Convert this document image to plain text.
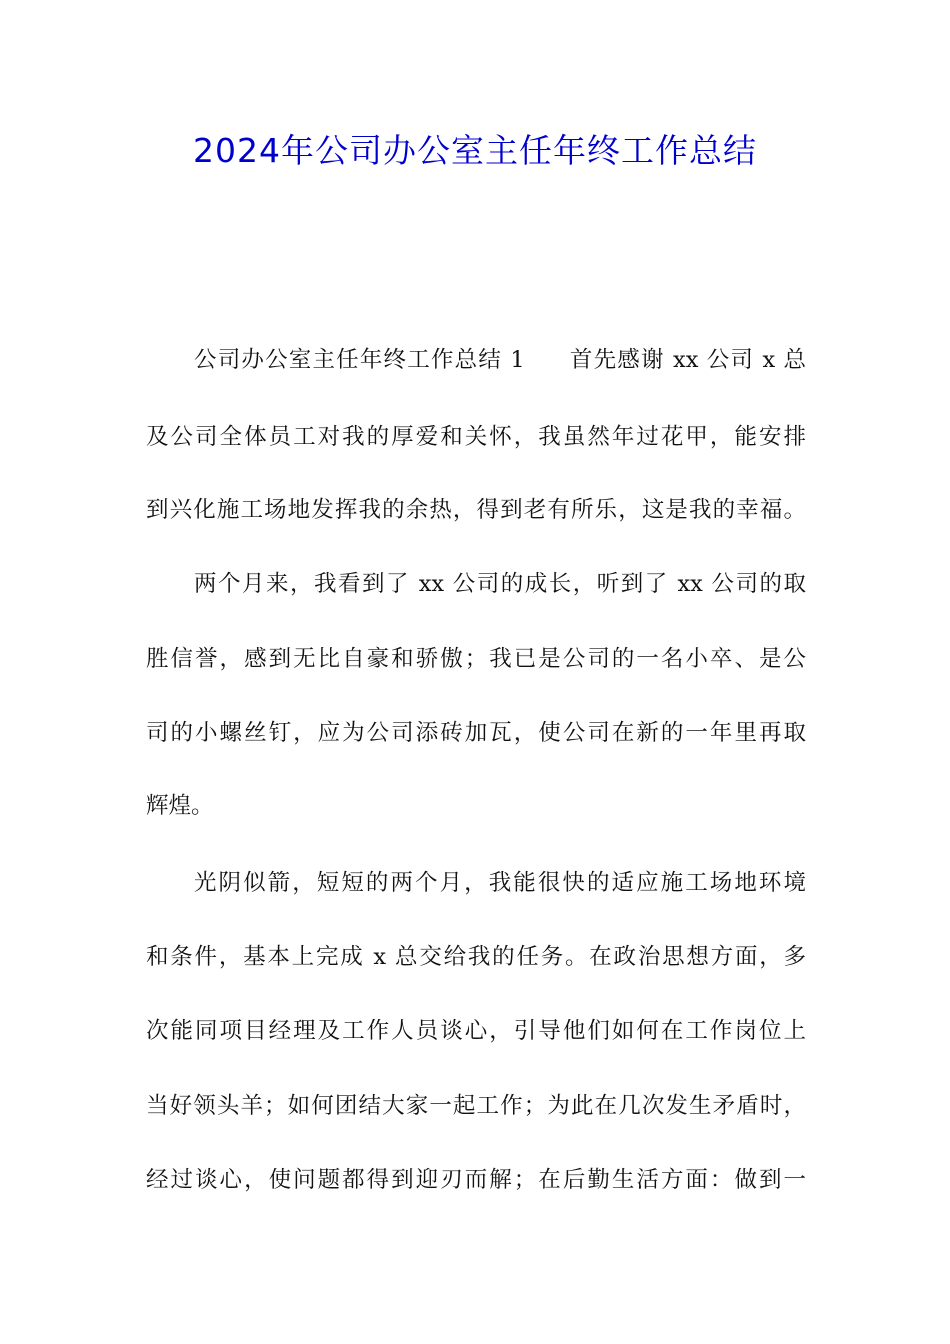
2024年公司办公室主任年终工作总结
公司办公室主任年终工作总结 1 首先感谢 xx 公司 x 总
及公司全体员工对我的厚爱和关怀，我虽然年过花甲，能安排
到兴化施工场地发挥我的余热，得到老有所乐，这是我的幸福。
两个月来，我看到了 xx 公司的成长，听到了 xx 公司的取
胜信誉，感到无比自豪和骄傲；我已是公司的一名小卒、是公
司的小螺丝钉，应为公司添砖加瓦，使公司在新的一年里再取
辉煌。
光阴似箭，短短的两个月，我能很快的适应施工场地环境
和条件，基本上完成 x 总交给我的任务。在政治思想方面，多
次能同项目经理及工作人员谈心，引导他们如何在工作岗位上
当好领头羊；如何团结大家一起工作；为此在几次发生矛盾时，
经过谈心，使问题都得到迎刃而解；在后勤生活方面：做到一
